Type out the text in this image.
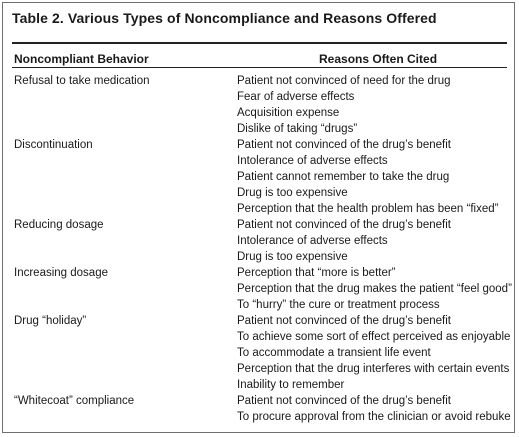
Table 2. Various Types of Noncompliance and Reasons Offered
Noncompliant Behavior	Reasons Often Cited
Refusal to take medication	Patient not convinced of need for the drug
Fear of adverse effects
Acquisition expense
Dislike of taking “drugs”
Discontinuation	Patient not convinced of the drug’s benefit
Intolerance of adverse effects
Patient cannot remember to take the drug
Drug is too expensive
Perception that the health problem has been “fixed”
Reducing dosage	Patient not convinced of the drug’s benefit
Intolerance of adverse effects
Drug is too expensive
Increasing dosage	Perception that “more is better”
Perception that the drug makes the patient “feel good”
To “hurry” the cure or treatment process
Drug “holiday”	Patient not convinced of the drug’s benefit
To achieve some sort of effect perceived as enjoyable
To accommodate a transient life event
Perception that the drug interferes with certain events
Inability to remember
“Whitecoat” compliance	Patient not convinced of the drug’s benefit
To procure approval from the clinician or avoid rebuke
